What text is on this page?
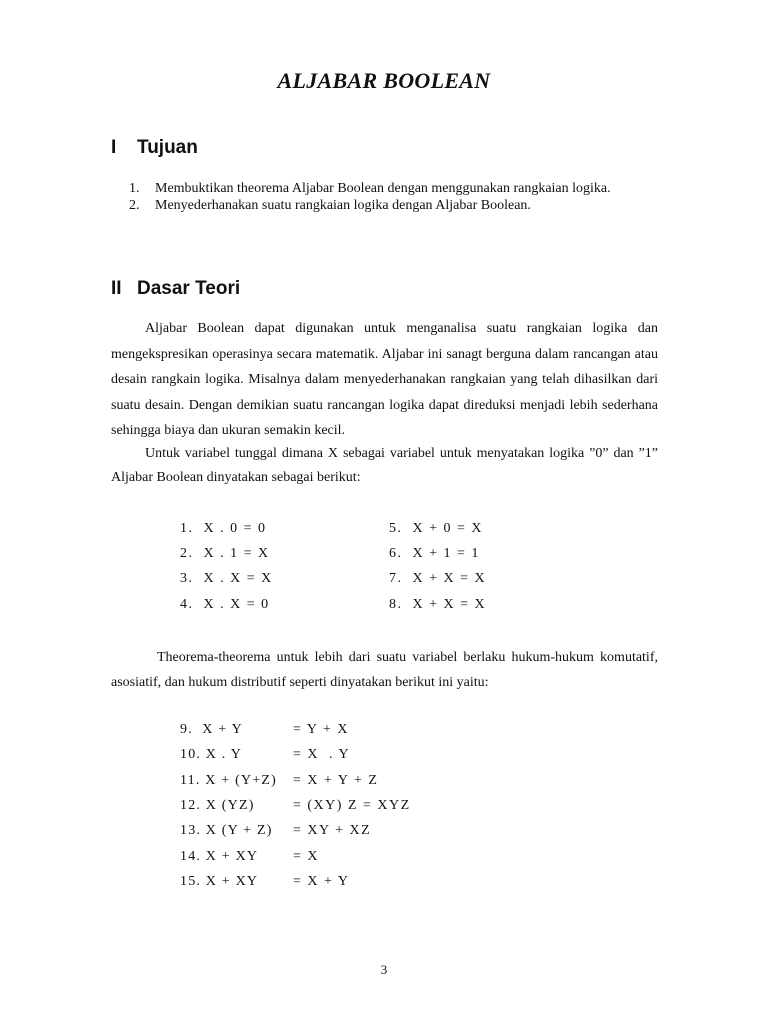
ALJABAR BOOLEAN
I Tujuan
1. Membuktikan theorema Aljabar Boolean dengan menggunakan rangkaian logika.
2. Menyederhanakan suatu rangkaian logika dengan Aljabar Boolean.
II Dasar Teori
Aljabar Boolean dapat digunakan untuk menganalisa suatu rangkaian logika dan mengekspresikan operasinya secara matematik. Aljabar ini sanagt berguna dalam rancangan atau desain rangkain logika. Misalnya dalam menyederhanakan rangkaian yang telah dihasilkan dari suatu desain. Dengan demikian suatu rancangan logika dapat direduksi menjadi lebih sederhana sehingga biaya dan ukuran semakin kecil.
Untuk variabel tunggal dimana X sebagai variabel untuk menyatakan logika ”0” dan ”1” Aljabar Boolean dinyatakan sebagai berikut:
1.  X . 0 = 0
2.  X . 1 = X
3.  X . X = X
4.  X . X = 0
5.  X + 0 = X
6.  X + 1 = 1
7.  X + X = X
8.  X + X = X
Theorema-theorema untuk lebih dari suatu variabel berlaku hukum-hukum komutatif, asosiatif, dan hukum distributif seperti dinyatakan berikut ini yaitu:
9.  X + Y	= Y + X
10. X . Y	= X  . Y
11. X + (Y+Z) = X + Y + Z
12. X (YZ)	= (XY) Z = XYZ
13. X (Y + Z) = XY + XZ
14. X + XY = X
15. X + XY = X + Y
3
